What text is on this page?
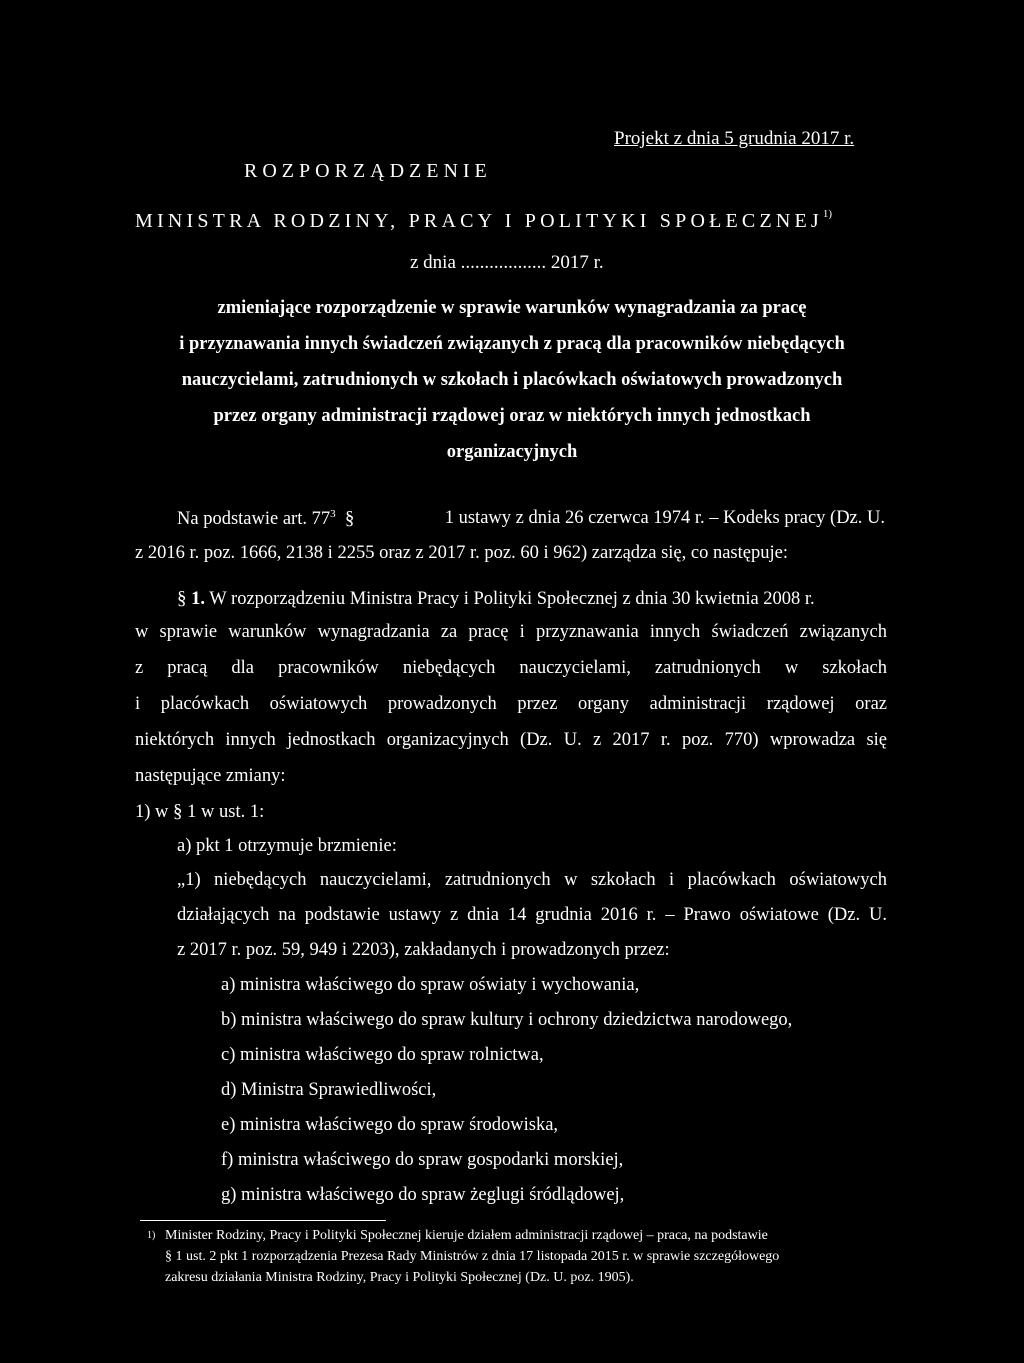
Projekt z dnia 5 grudnia 2017 r.
ROZPORZĄDZENIE
MINISTRA RODZINY, PRACY I POLITYKI SPOŁECZNEJ$^{1)}$
z dnia .................. 2017 r.
zmieniające rozporządzenie w sprawie warunków wynagradzania za pracę
i przyznawania innych świadczeń związanych z pracą dla pracowników niebędących
nauczycielami, zatrudnionych w szkołach i placówkach oświatowych prowadzonych
przez organy administracji rządowej oraz w niektórych innych jednostkach
organizacyjnych
Na podstawie art. $77^3$ §	1 ustawy z dnia 26 czerwca 1974 r. – Kodeks pracy (Dz. U.
z 2016 r. poz. 1666, 2138 i 2255 oraz z 2017 r. poz. 60 i 962) zarządza się, co następuje:
§ 1. W rozporządzeniu Ministra Pracy i Polityki Społecznej z dnia 30 kwietnia 2008 r.
w sprawie warunków wynagradzania za pracę i przyznawania innych świadczeń związanych
z pracą dla pracowników niebędących nauczycielami, zatrudnionych w szkołach
i placówkach oświatowych prowadzonych przez organy administracji rządowej oraz
niektórych innych jednostkach organizacyjnych (Dz. U. z 2017 r. poz. 770) wprowadza się
następujące zmiany:
1) w § 1 w ust. 1:
a) pkt 1 otrzymuje brzmienie:
„1) niebędących nauczycielami, zatrudnionych w szkołach i placówkach oświatowych
działających na podstawie ustawy z dnia 14 grudnia 2016 r. – Prawo oświatowe (Dz. U.
z 2017 r. poz. 59, 949 i 2203), zakładanych i prowadzonych przez:
a) ministra właściwego do spraw oświaty i wychowania,
b) ministra właściwego do spraw kultury i ochrony dziedzictwa narodowego,
c) ministra właściwego do spraw rolnictwa,
d) Ministra Sprawiedliwości,
e) ministra właściwego do spraw środowiska,
f) ministra właściwego do spraw gospodarki morskiej,
g) ministra właściwego do spraw żeglugi śródlądowej,
1) Minister Rodziny, Pracy i Polityki Społecznej kieruje działem administracji rządowej – praca, na podstawie
§ 1 ust. 2 pkt 1 rozporządzenia Prezesa Rady Ministrów z dnia 17 listopada 2015 r. w sprawie szczegółowego
zakresu działania Ministra Rodziny, Pracy i Polityki Społecznej (Dz. U. poz. 1905).
